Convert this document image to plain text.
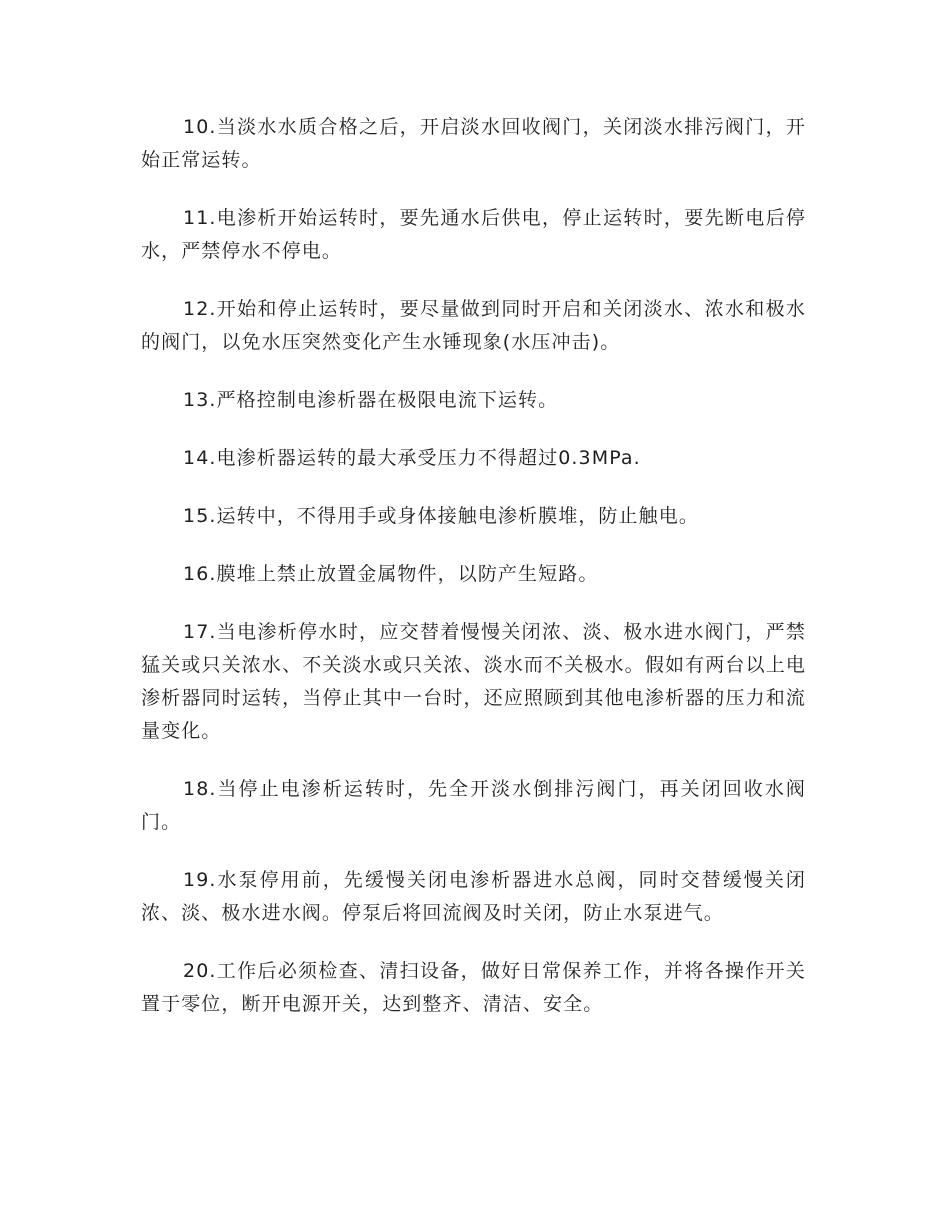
10.当淡水水质合格之后，开启淡水回收阀门，关闭淡水排污阀门，开始正常运转。

11.电渗析开始运转时，要先通水后供电，停止运转时，要先断电后停水，严禁停水不停电。

12.开始和停止运转时，要尽量做到同时开启和关闭淡水、浓水和极水的阀门，以免水压突然变化产生水锤现象(水压冲击)。

13.严格控制电渗析器在极限电流下运转。

14.电渗析器运转的最大承受压力不得超过0.3MPa.

15.运转中，不得用手或身体接触电渗析膜堆，防止触电。

16.膜堆上禁止放置金属物件，以防产生短路。

17.当电渗析停水时，应交替着慢慢关闭浓、淡、极水进水阀门，严禁猛关或只关浓水、不关淡水或只关浓、淡水而不关极水。假如有两台以上电渗析器同时运转，当停止其中一台时，还应照顾到其他电渗析器的压力和流量变化。

18.当停止电渗析运转时，先全开淡水倒排污阀门，再关闭回收水阀门。

19.水泵停用前，先缓慢关闭电渗析器进水总阀，同时交替缓慢关闭浓、淡、极水进水阀。停泵后将回流阀及时关闭，防止水泵进气。

20.工作后必须检查、清扫设备，做好日常保养工作，并将各操作开关置于零位，断开电源开关，达到整齐、清洁、安全。
